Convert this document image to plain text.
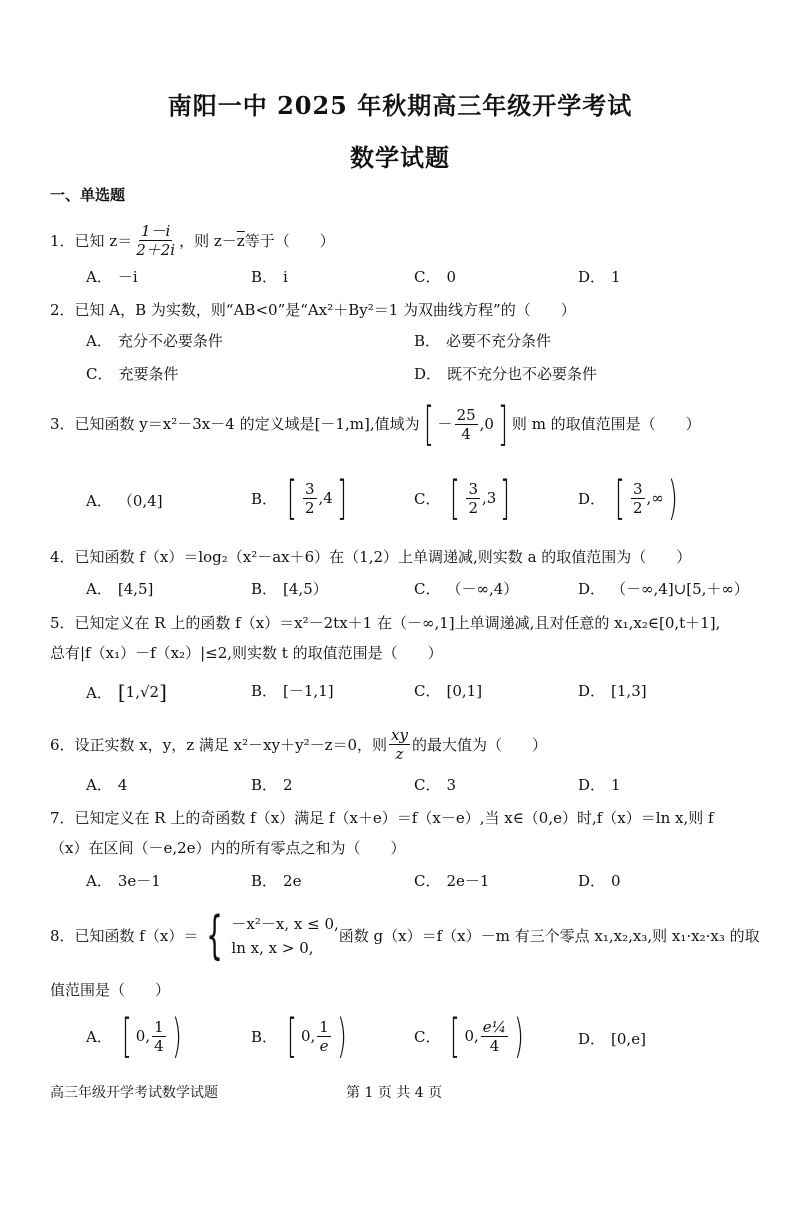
南阳一中 2025 年秋期高三年级开学考试
数学试题
一、单选题
1． 已知 $z= \frac{1-i}{2+2i}$ ，则 $z- \overline{z}$ 等于（　　）
A． －i	B． i	C． 0	D． 1
2．已知 A，B 为实数，则“AB<0”是“Ax²＋By²＝1 为双曲线方程”的（　　）
A． 充分不必要条件	B． 必要不充分条件
C． 充要条件	D． 既不充分也不必要条件
3．已知函数 y＝x²－3x－4 的定义域是[－1,m],值域为 [ － $\frac{25}{4} ,0$ ] 则 m 的取值范围是（　　）
A． （0,4]	B． [ $\frac{3}{2} ,4$ ]	C． [ $\frac{3}{2} ,3$ ]	D． [ $\frac{3}{2}$ ,∞ )
4．已知函数 f（x）＝log₂（x²－ax＋6）在（1,2）上单调递减,则实数 a 的取值范围为（　　）
A． [4,5]	B． [4,5）	C． （－∞,4）	D． （－∞,4]∪[5,＋∞）
5．已知定义在 R 上的函数 f（x）＝x²－2tx＋1 在（－∞,1]上单调递减,且对任意的 x₁,x₂∈[0,t＋1],
总有|f（x₁）－f（x₂）|≤2,则实数 t 的取值范围是（　　）
A． [ 1,√2 ]	B． [－1,1]	C． [0,1]	D． [1,3]
6．设正实数 x，y，z 满足 x²－xy＋y²－z＝0，则 $\frac{xy}{z}$ 的最大值为（　　）
A． 4	B． 2	C． 3	D． 1
7．已知定义在 R 上的奇函数 f（x）满足 f（x＋e）＝f（x－e）,当 x∈（0,e）时,f（x）＝ln x,则 f
（x）在区间（－e,2e）内的所有零点之和为（　　）
A． 3e－1	B． 2e	C． 2e－1	D． 0
8．已知函数 f（x）＝ { －x²－x, x ≤ 0,
ln x, x > 0,
函数 g（x）＝f（x）－m 有三个零点 x₁,x₂,x₃,则 x₁·x₂·x₃ 的取
值范围是（　　）
A． [ 0, $\frac{1}{4}$ )	B． [ 0, $\frac{1}{e}$ )	C． [ 0, $\frac{\text{e¼}}{4}$ )	D． [0,e]
高三年级开学考试数学试题	第 1 页 共 4 页
